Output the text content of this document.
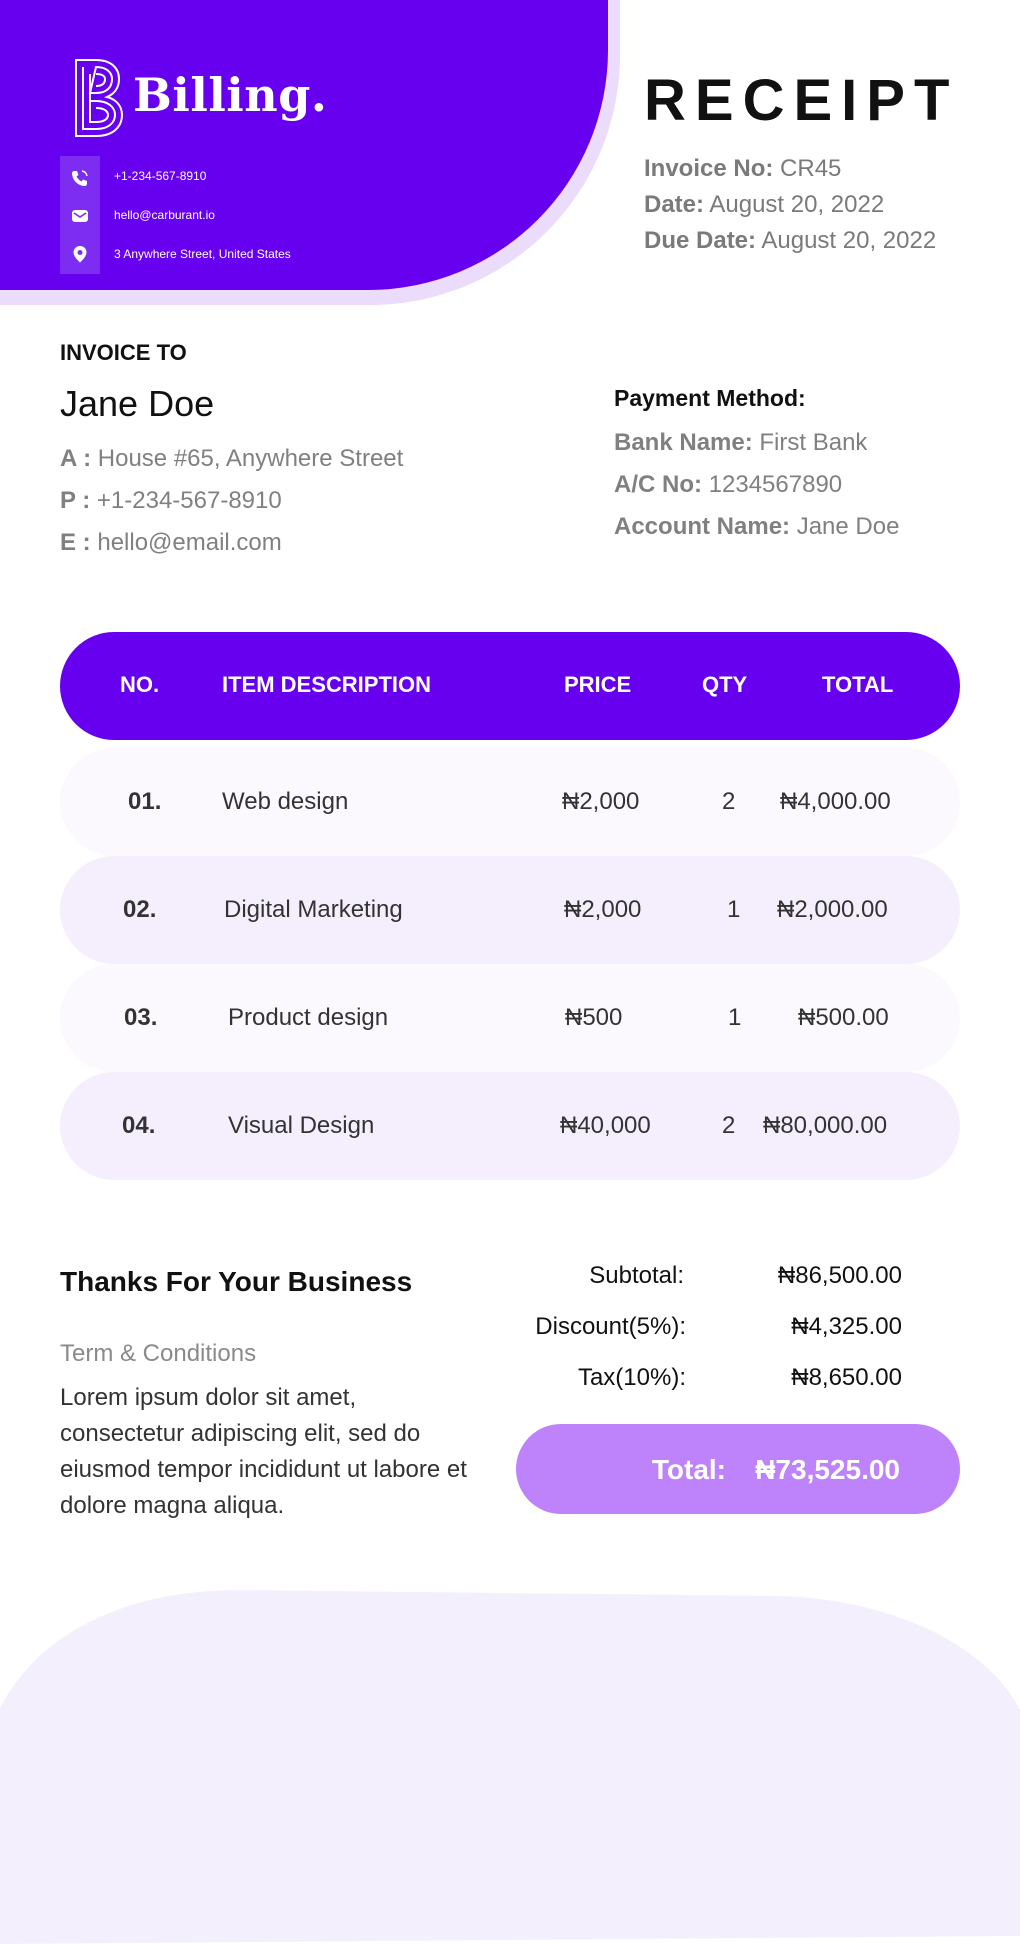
Billing.
+1-234-567-8910
hello@carburant.io
3 Anywhere Street, United States
RECEIPT
Invoice No: CR45
Date: August 20, 2022
Due Date: August 20, 2022
INVOICE TO
Jane Doe
A : House #65, Anywhere Street
P : +1-234-567-8910
E : hello@email.com
Payment Method:
Bank Name: First Bank
A/C No: 1234567890
Account Name: Jane Doe
NO.	ITEM DESCRIPTION	PRICE	QTY	TOTAL
01.	Web design	₦2,000	2 ₦4,000.00
02.	Digital Marketing	₦2,000	1 ₦2,000.00
03.	Product design	₦500	1 ₦500.00
04.	Visual Design	₦40,000	2 ₦80,000.00
Thanks For Your Business
Term & Conditions
Lorem ipsum dolor sit amet, consectetur adipiscing elit, sed do eiusmod tempor incididunt ut labore et dolore magna aliqua.
Subtotal:	₦86,500.00
Discount(5%):	₦4,325.00
Tax(10%):	₦8,650.00
Total: ₦73,525.00
